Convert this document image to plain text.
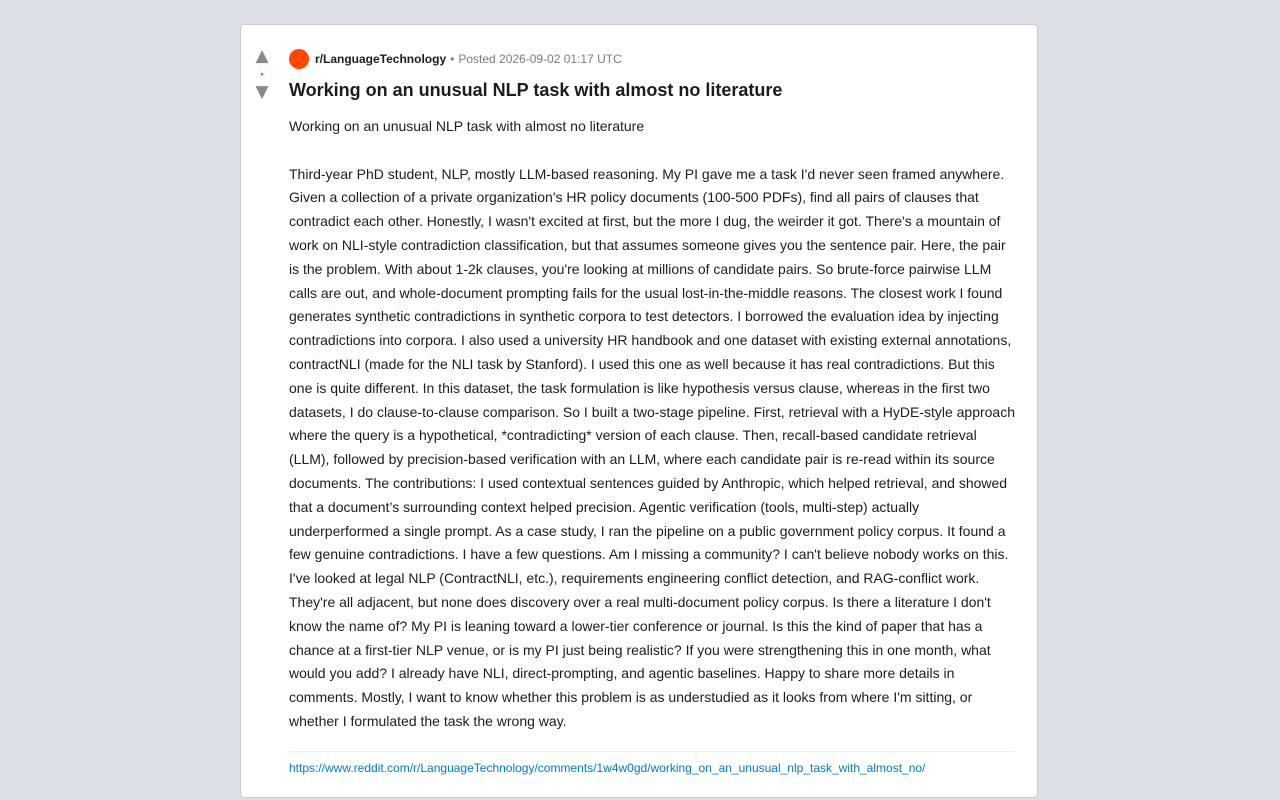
▲
•
▼
r/LanguageTechnology • Posted 2026-09-02 01:17 UTC
Working on an unusual NLP task with almost no literature

Working on an unusual NLP task with almost no literature

Third-year PhD student, NLP, mostly LLM-based reasoning. My PI gave me a task I'd never seen framed anywhere. Given a collection of a private organization's HR policy documents (100-500 PDFs), find all pairs of clauses that contradict each other. Honestly, I wasn't excited at first, but the more I dug, the weirder it got. There's a mountain of work on NLI-style contradiction classification, but that assumes someone gives you the sentence pair. Here, the pair is the problem. With about 1-2k clauses, you're looking at millions of candidate pairs. So brute-force pairwise LLM calls are out, and whole-document prompting fails for the usual lost-in-the-middle reasons. The closest work I found generates synthetic contradictions in synthetic corpora to test detectors. I borrowed the evaluation idea by injecting contradictions into corpora. I also used a university HR handbook and one dataset with existing external annotations, contractNLI (made for the NLI task by Stanford). I used this one as well because it has real contradictions. But this one is quite different. In this dataset, the task formulation is like hypothesis versus clause, whereas in the first two datasets, I do clause-to-clause comparison. So I built a two-stage pipeline. First, retrieval with a HyDE-style approach where the query is a hypothetical, *contradicting* version of each clause. Then, recall-based candidate retrieval (LLM), followed by precision-based verification with an LLM, where each candidate pair is re-read within its source documents. The contributions: I used contextual sentences guided by Anthropic, which helped retrieval, and showed that a document’s surrounding context helped precision. Agentic verification (tools, multi-step) actually underperformed a single prompt. As a case study, I ran the pipeline on a public government policy corpus. It found a few genuine contradictions. I have a few questions. Am I missing a community? I can't believe nobody works on this. I've looked at legal NLP (ContractNLI, etc.), requirements engineering conflict detection, and RAG-conflict work. They're all adjacent, but none does discovery over a real multi-document policy corpus. Is there a literature I don't know the name of? My PI is leaning toward a lower-tier conference or journal. Is this the kind of paper that has a chance at a first-tier NLP venue, or is my PI just being realistic? If you were strengthening this in one month, what would you add? I already have NLI, direct-prompting, and agentic baselines. Happy to share more details in comments. Mostly, I want to know whether this problem is as understudied as it looks from where I'm sitting, or whether I formulated the task the wrong way.

https://www.reddit.com/r/LanguageTechnology/comments/1w4w0gd/working_on_an_unusual_nlp_task_with_almost_no/
